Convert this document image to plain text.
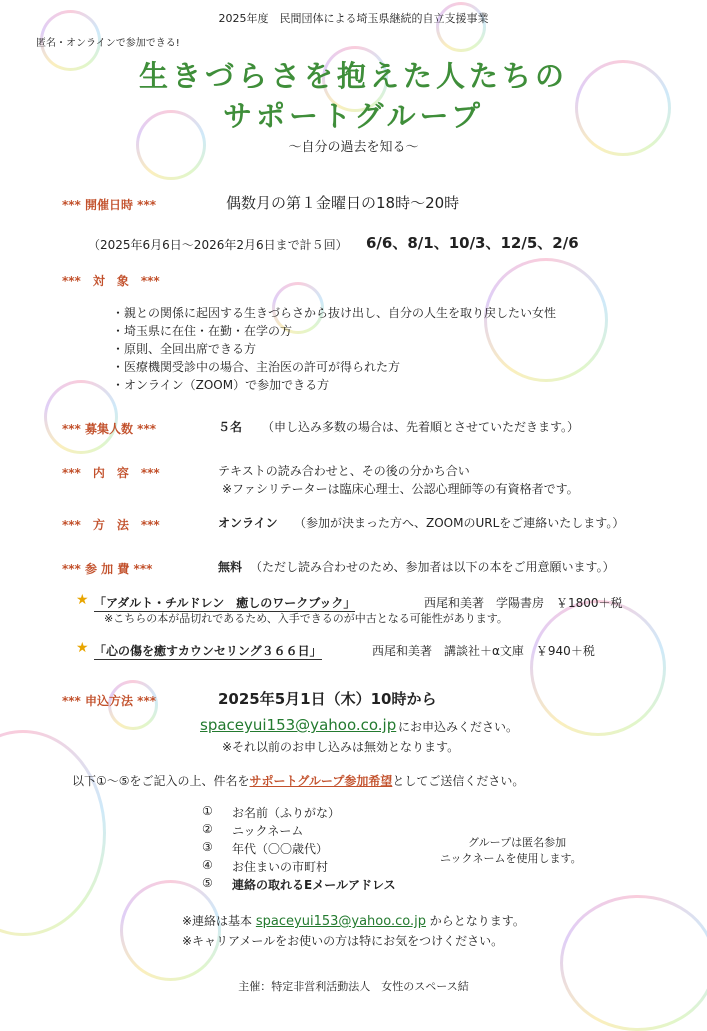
2025年度　民間団体による埼玉県継続的自立支援事業
匿名・オンラインで参加できる!
生きづらさを抱えた人たちの
サポートグループ
～自分の過去を知る～
*** 開催日時 ***	偶数月の第１金曜日の18時～20時
（2025年6月6日～2026年2月6日まで計５回） 6/6、8/1、10/3、12/5、2/6
***　対　象　***
・親との関係に起因する生きづらさから抜け出し、自分の人生を取り戻したい女性
・埼玉県に在住・在勤・在学の方
・原則、全回出席できる方
・医療機関受診中の場合、主治医の許可が得られた方
・オンライン（ZOOM）で参加できる方
*** 募集人数 ***	５名 （申し込み多数の場合は、先着順とさせていただきます。）
***　内　容　***	テキストの読み合わせと、その後の分かち合い
※ファシリテーターは臨床心理士、公認心理師等の有資格者です。
***　方　法　***	オンライン （参加が決まった方へ、ZOOMのURLをご連絡いたします。）
*** 参 加 費 ***	無料 （ただし読み合わせのため、参加者は以下の本をご用意願います。）
★ 「アダルト・チルドレン　癒しのワークブック」	西尾和美著　学陽書房　￥1800＋税
※こちらの本が品切れであるため、入手できるのが中古となる可能性があります。
★ 「心の傷を癒すカウンセリング３６６日」	西尾和美著　講談社＋α文庫　￥940＋税
*** 申込方法 ***	2025年5月1日（木）10時から
spaceyui153@yahoo.co.jp にお申込みください。
※それ以前のお申し込みは無効となります。
以下①～⑤をご記入の上、件名をサポートグループ参加希望としてご送信ください。
① お名前（ふりがな）
② ニックネーム
③ 年代（〇〇歳代）
④ お住まいの市町村
⑤ 連絡の取れるEメールアドレス
グループは匿名参加
ニックネームを使用します。
※連絡は基本 spaceyui153@yahoo.co.jp からとなります。
※キャリアメールをお使いの方は特にお気をつけください。
主催：特定非営利活動法人　女性のスペース結
